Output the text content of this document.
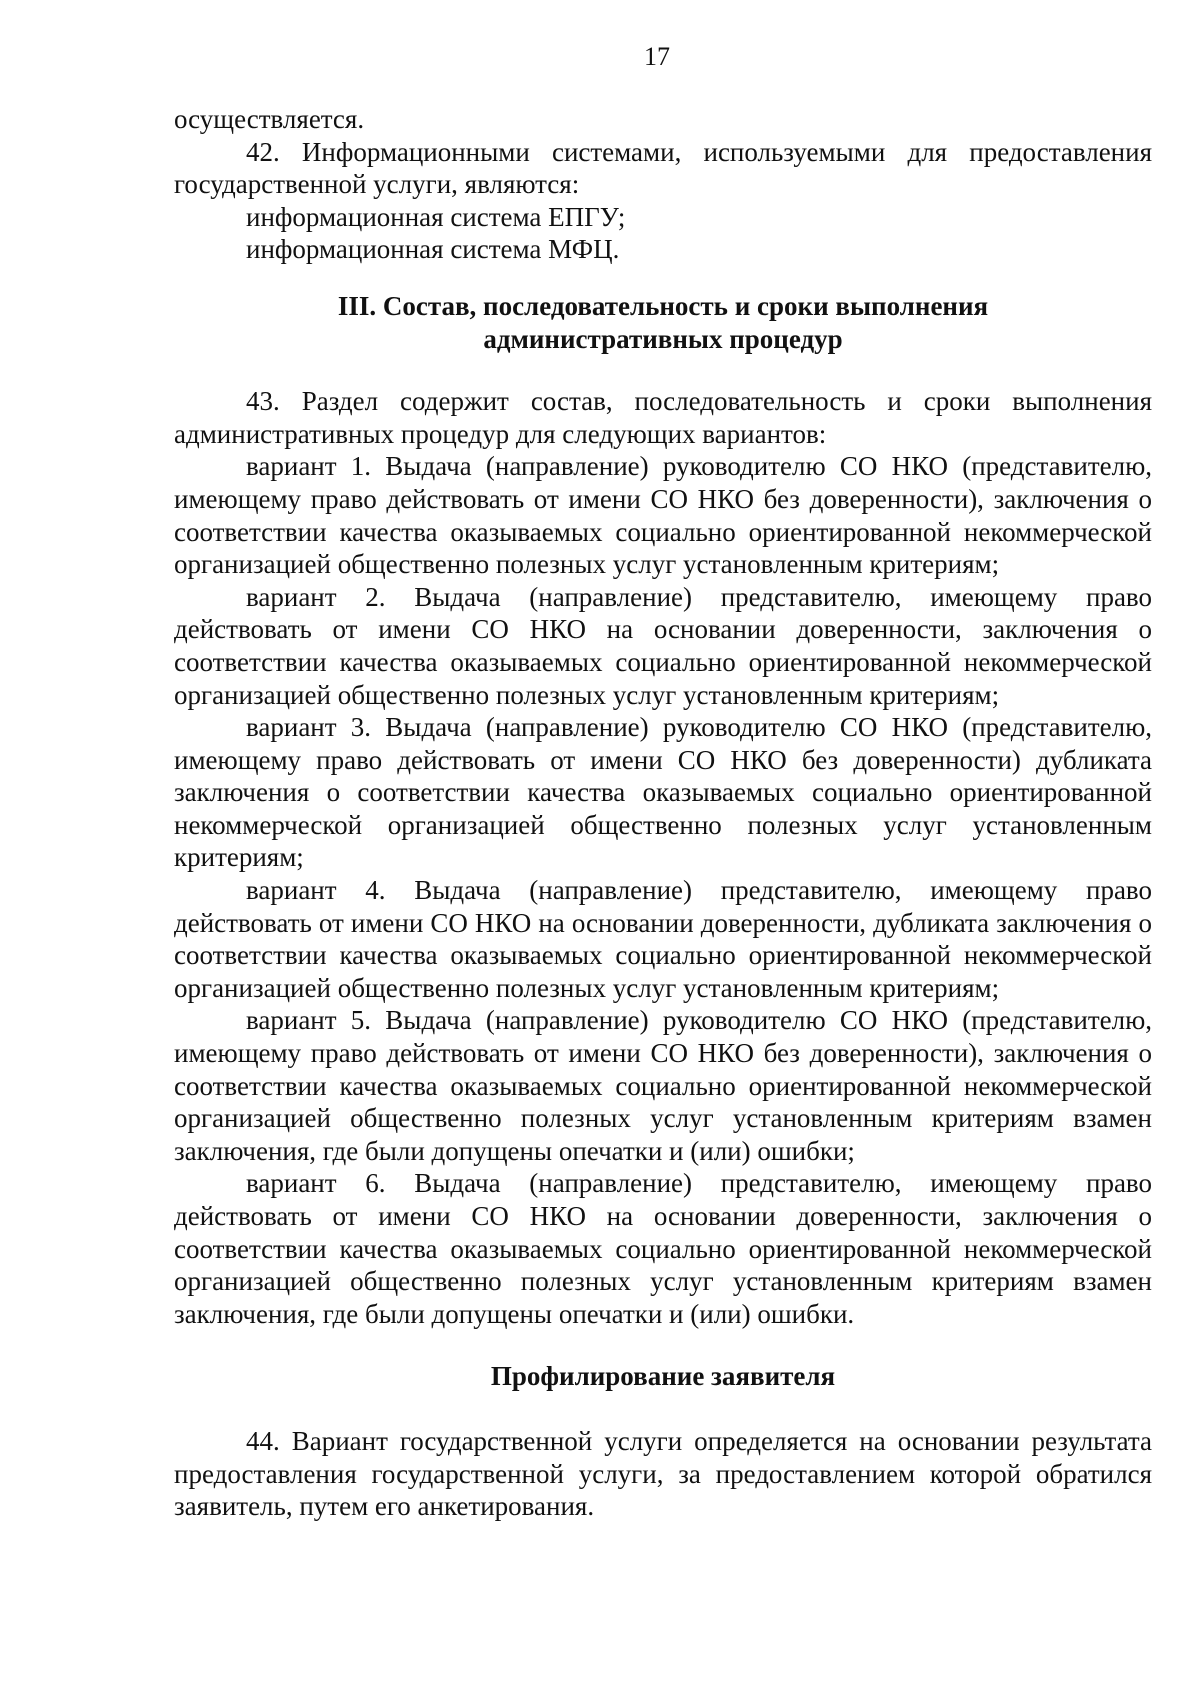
17

осуществляется.

42. Информационными системами, используемыми для предоставления государственной услуги, являются:

информационная система ЕПГУ;

информационная система МФЦ.

III. Состав, последовательность и сроки выполнения

административных процедур

43. Раздел содержит состав, последовательность и сроки выполнения административных процедур для следующих вариантов:

вариант 1. Выдача (направление) руководителю СО НКО (представителю, имеющему право действовать от имени СО НКО без доверенности), заключения о соответствии качества оказываемых социально ориентированной некоммерческой организацией общественно полезных услуг установленным критериям;

вариант 2. Выдача (направление) представителю, имеющему право действовать от имени СО НКО на основании доверенности, заключения о соответствии качества оказываемых социально ориентированной некоммерческой организацией общественно полезных услуг установленным критериям;

вариант 3. Выдача (направление) руководителю СО НКО (представителю, имеющему право действовать от имени СО НКО без доверенности) дубликата заключения о соответствии качества оказываемых социально ориентированной некоммерческой организацией общественно полезных услуг установленным критериям;

вариант 4. Выдача (направление) представителю, имеющему право действовать от имени СО НКО на основании доверенности, дубликата заключения о соответствии качества оказываемых социально ориентированной некоммерческой организацией общественно полезных услуг установленным критериям;

вариант 5. Выдача (направление) руководителю СО НКО (представителю, имеющему право действовать от имени СО НКО без доверенности), заключения о соответствии качества оказываемых социально ориентированной некоммерческой организацией общественно полезных услуг установленным критериям взамен заключения, где были допущены опечатки и (или) ошибки;

вариант 6. Выдача (направление) представителю, имеющему право действовать от имени СО НКО на основании доверенности, заключения о соответствии качества оказываемых социально ориентированной некоммерческой организацией общественно полезных услуг установленным критериям взамен заключения, где были допущены опечатки и (или) ошибки.

Профилирование заявителя

44. Вариант государственной услуги определяется на основании результата предоставления государственной услуги, за предоставлением которой обратился заявитель, путем его анкетирования.
